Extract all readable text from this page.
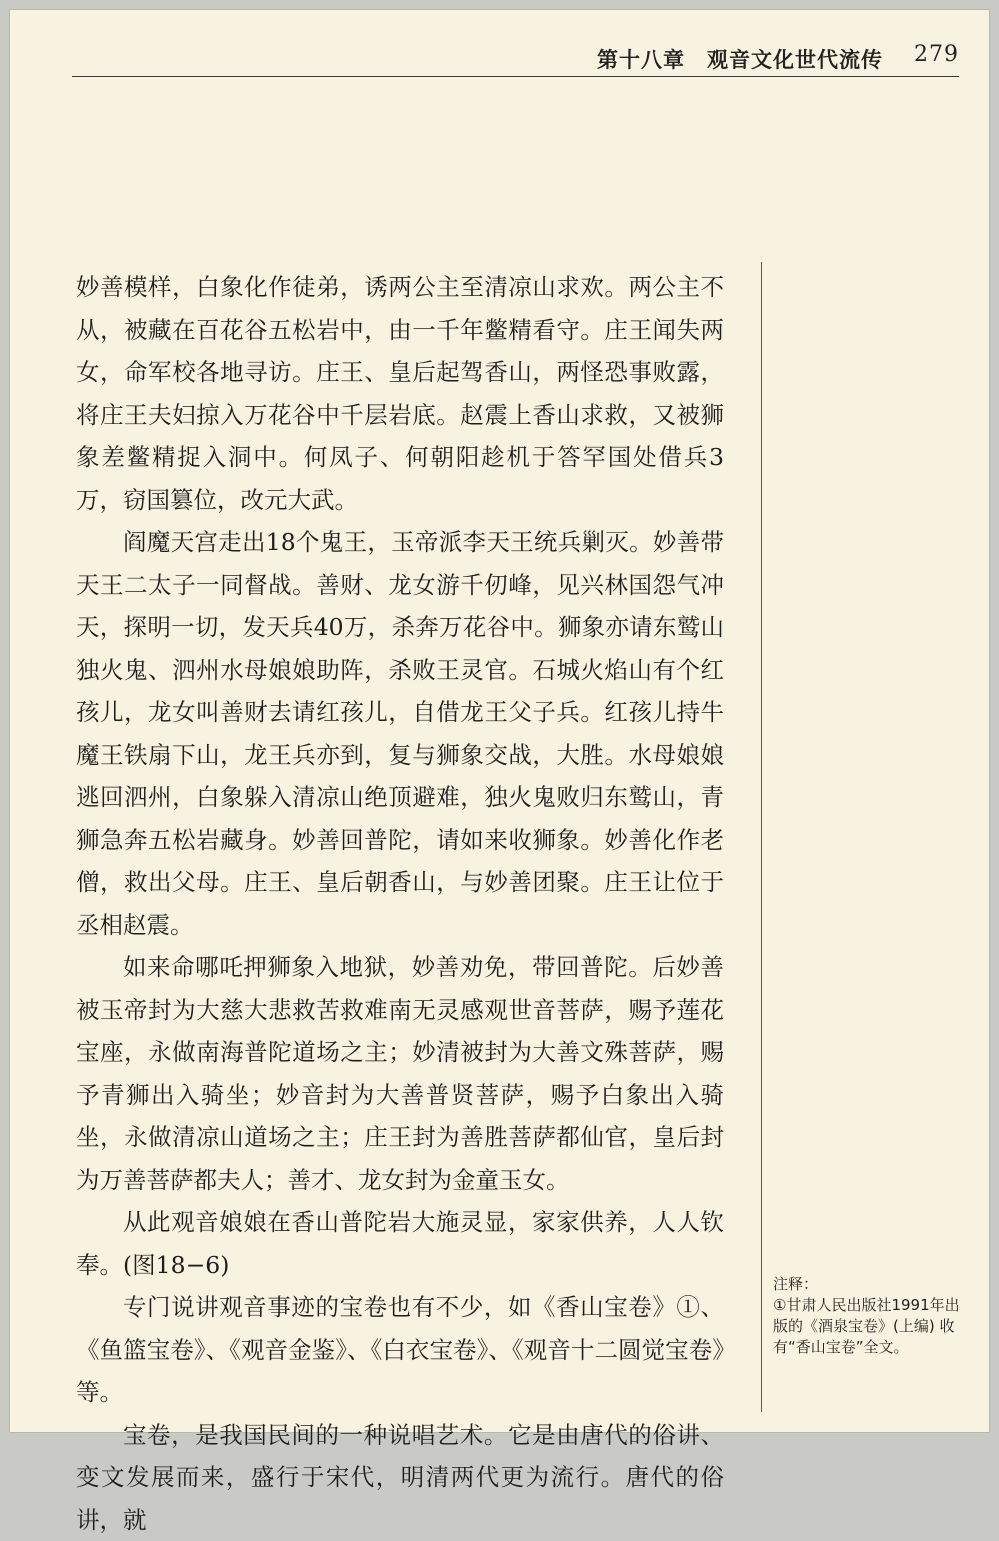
第十八章　观音文化世代流传 279

妙善模样，白象化作徒弟，诱两公主至清凉山求欢。两公主不从，被藏在百花谷五松岩中，由一千年鳖精看守。庄王闻失两女，命军校各地寻访。庄王、皇后起驾香山，两怪恐事败露，将庄王夫妇掠入万花谷中千层岩底。赵震上香山求救，又被狮象差鳖精捉入洞中。何凤子、何朝阳趁机于答罕国处借兵3万，窃国篡位，改元大武。

阎魔天宫走出18个鬼王，玉帝派李天王统兵剿灭。妙善带天王二太子一同督战。善财、龙女游千仞峰，见兴林国怨气冲天，探明一切，发天兵40万，杀奔万花谷中。狮象亦请东鹫山独火鬼、泗州水母娘娘助阵，杀败王灵官。石城火焰山有个红孩儿，龙女叫善财去请红孩儿，自借龙王父子兵。红孩儿持牛魔王铁扇下山，龙王兵亦到，复与狮象交战，大胜。水母娘娘逃回泗州，白象躲入清凉山绝顶避难，独火鬼败归东鹫山，青狮急奔五松岩藏身。妙善回普陀，请如来收狮象。妙善化作老僧，救出父母。庄王、皇后朝香山，与妙善团聚。庄王让位于丞相赵震。

如来命哪吒押狮象入地狱，妙善劝免，带回普陀。后妙善被玉帝封为大慈大悲救苦救难南无灵感观世音菩萨，赐予莲花宝座，永做南海普陀道场之主；妙清被封为大善文殊菩萨，赐予青狮出入骑坐；妙音封为大善普贤菩萨，赐予白象出入骑坐，永做清凉山道场之主；庄王封为善胜菩萨都仙官，皇后封为万善菩萨都夫人；善才、龙女封为金童玉女。

从此观音娘娘在香山普陀岩大施灵显，家家供养，人人钦奉。(图18−6)

专门说讲观音事迹的宝卷也有不少，如《香山宝卷》①、《鱼篮宝卷》、《观音金鉴》、《白衣宝卷》、《观音十二圆觉宝卷》等。

宝卷，是我国民间的一种说唱艺术。它是由唐代的俗讲、变文发展而来，盛行于宋代，明清两代更为流行。唐代的俗讲，就

注释：
①甘肃人民出版社1991年出版的《酒泉宝卷》(上编) 收有“香山宝卷”全文。
